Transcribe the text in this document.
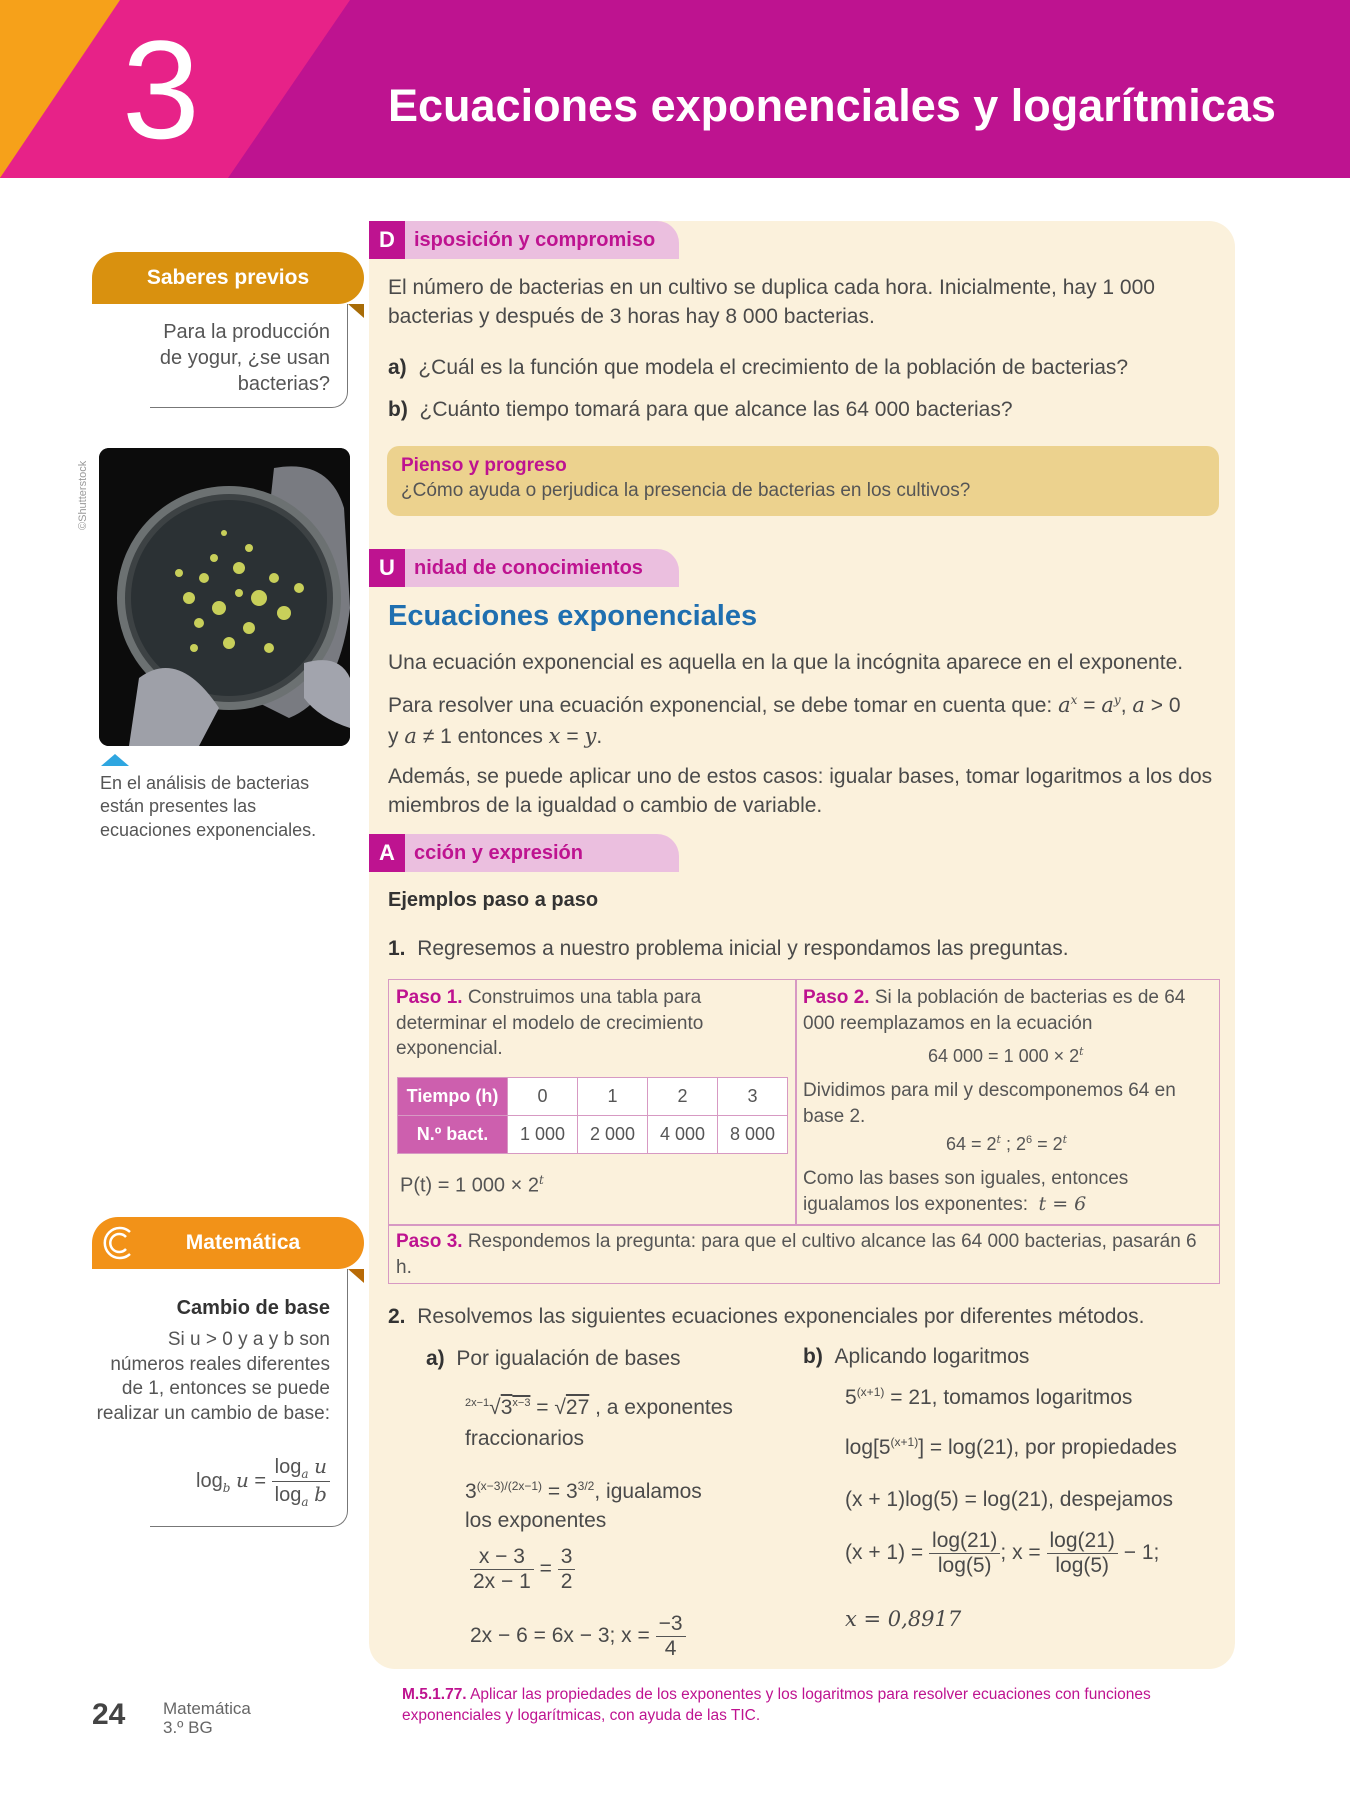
3	Ecuaciones exponenciales y logarítmicas
Saberes previos
Para la producción de yogur, ¿se usan bacterias?
©Shutterstock
En el análisis de bacterias están presentes las ecuaciones exponenciales.
Matemática
Cambio de base
Si u > 0 y a y b son números reales diferentes de 1, entonces se puede realizar un cambio de base:
$\log_b u = \frac{\log_a u}{\log_a b}$
D isposición y compromiso
El número de bacterias en un cultivo se duplica cada hora. Inicialmente, hay 1 000 bacterias y después de 3 horas hay 8 000 bacterias.
a) ¿Cuál es la función que modela el crecimiento de la población de bacterias?
b) ¿Cuánto tiempo tomará para que alcance las 64 000 bacterias?
Pienso y progreso
¿Cómo ayuda o perjudica la presencia de bacterias en los cultivos?
U nidad de conocimientos
Ecuaciones exponenciales
Una ecuación exponencial es aquella en la que la incógnita aparece en el exponente.
Para resolver una ecuación exponencial, se debe tomar en cuenta que: $a^x = a^y$, a > 0
y a ≠ 1 entonces x = y.
Además, se puede aplicar uno de estos casos: igualar bases, tomar logaritmos a los dos miembros de la igualdad o cambio de variable.
A cción y expresión
Ejemplos paso a paso
1. Regresemos a nuestro problema inicial y respondamos las preguntas.
Paso 1. Construimos una tabla para determinar el modelo de crecimiento exponencial.
Tiempo (h)	0	1	2	3
N.º bact.	1 000	2 000	4 000	8 000
P(t) = 1 $000 \times 2^t$
Paso 2. Si la población de bacterias es de 64 000 reemplazamos en la ecuación
64 000 = 1 $000 \times 2^t$
Dividimos para mil y descomponemos 64 en base 2.
$64 = 2^t$ ; $2^6 = 2^t$
Como las bases son iguales, entonces igualamos los exponentes: t = 6
Paso 3. Respondemos la pregunta: para que el cultivo alcance las 64 000 bacterias, pasarán 6 h.
2. Resolvemos las siguientes ecuaciones exponenciales por diferentes métodos.
a) Por igualación de bases
$^{2x-1}√3^{x-3} = √27$ , a exponentes
fraccionarios
$3^{(x-3)/(2x-1)} = 3^{3/2}$, igualamos
los exponentes
$\frac{x - 3}{2x - 1} = \frac{3}{2}$
2x − 6 = 6x − 3; $x = \frac{-3}{4}$
b) Aplicando logaritmos
$5^{(x+1)} = 21$, tomamos logaritmos
$\log[5^{(x+1)}] = \log(21)$, por propiedades
(x + 1)log(5) = log(21), despejamos
$(x + 1) = \frac{\log(21)}{\log(5)}$ ; $x = \frac{\log(21)}{\log(5)} - 1$;
x = 0,8917
24 Matemática
3.º BG
M.5.1.77. Aplicar las propiedades de los exponentes y los logaritmos para resolver ecuaciones con funciones exponenciales y logarítmicas, con ayuda de las TIC.
